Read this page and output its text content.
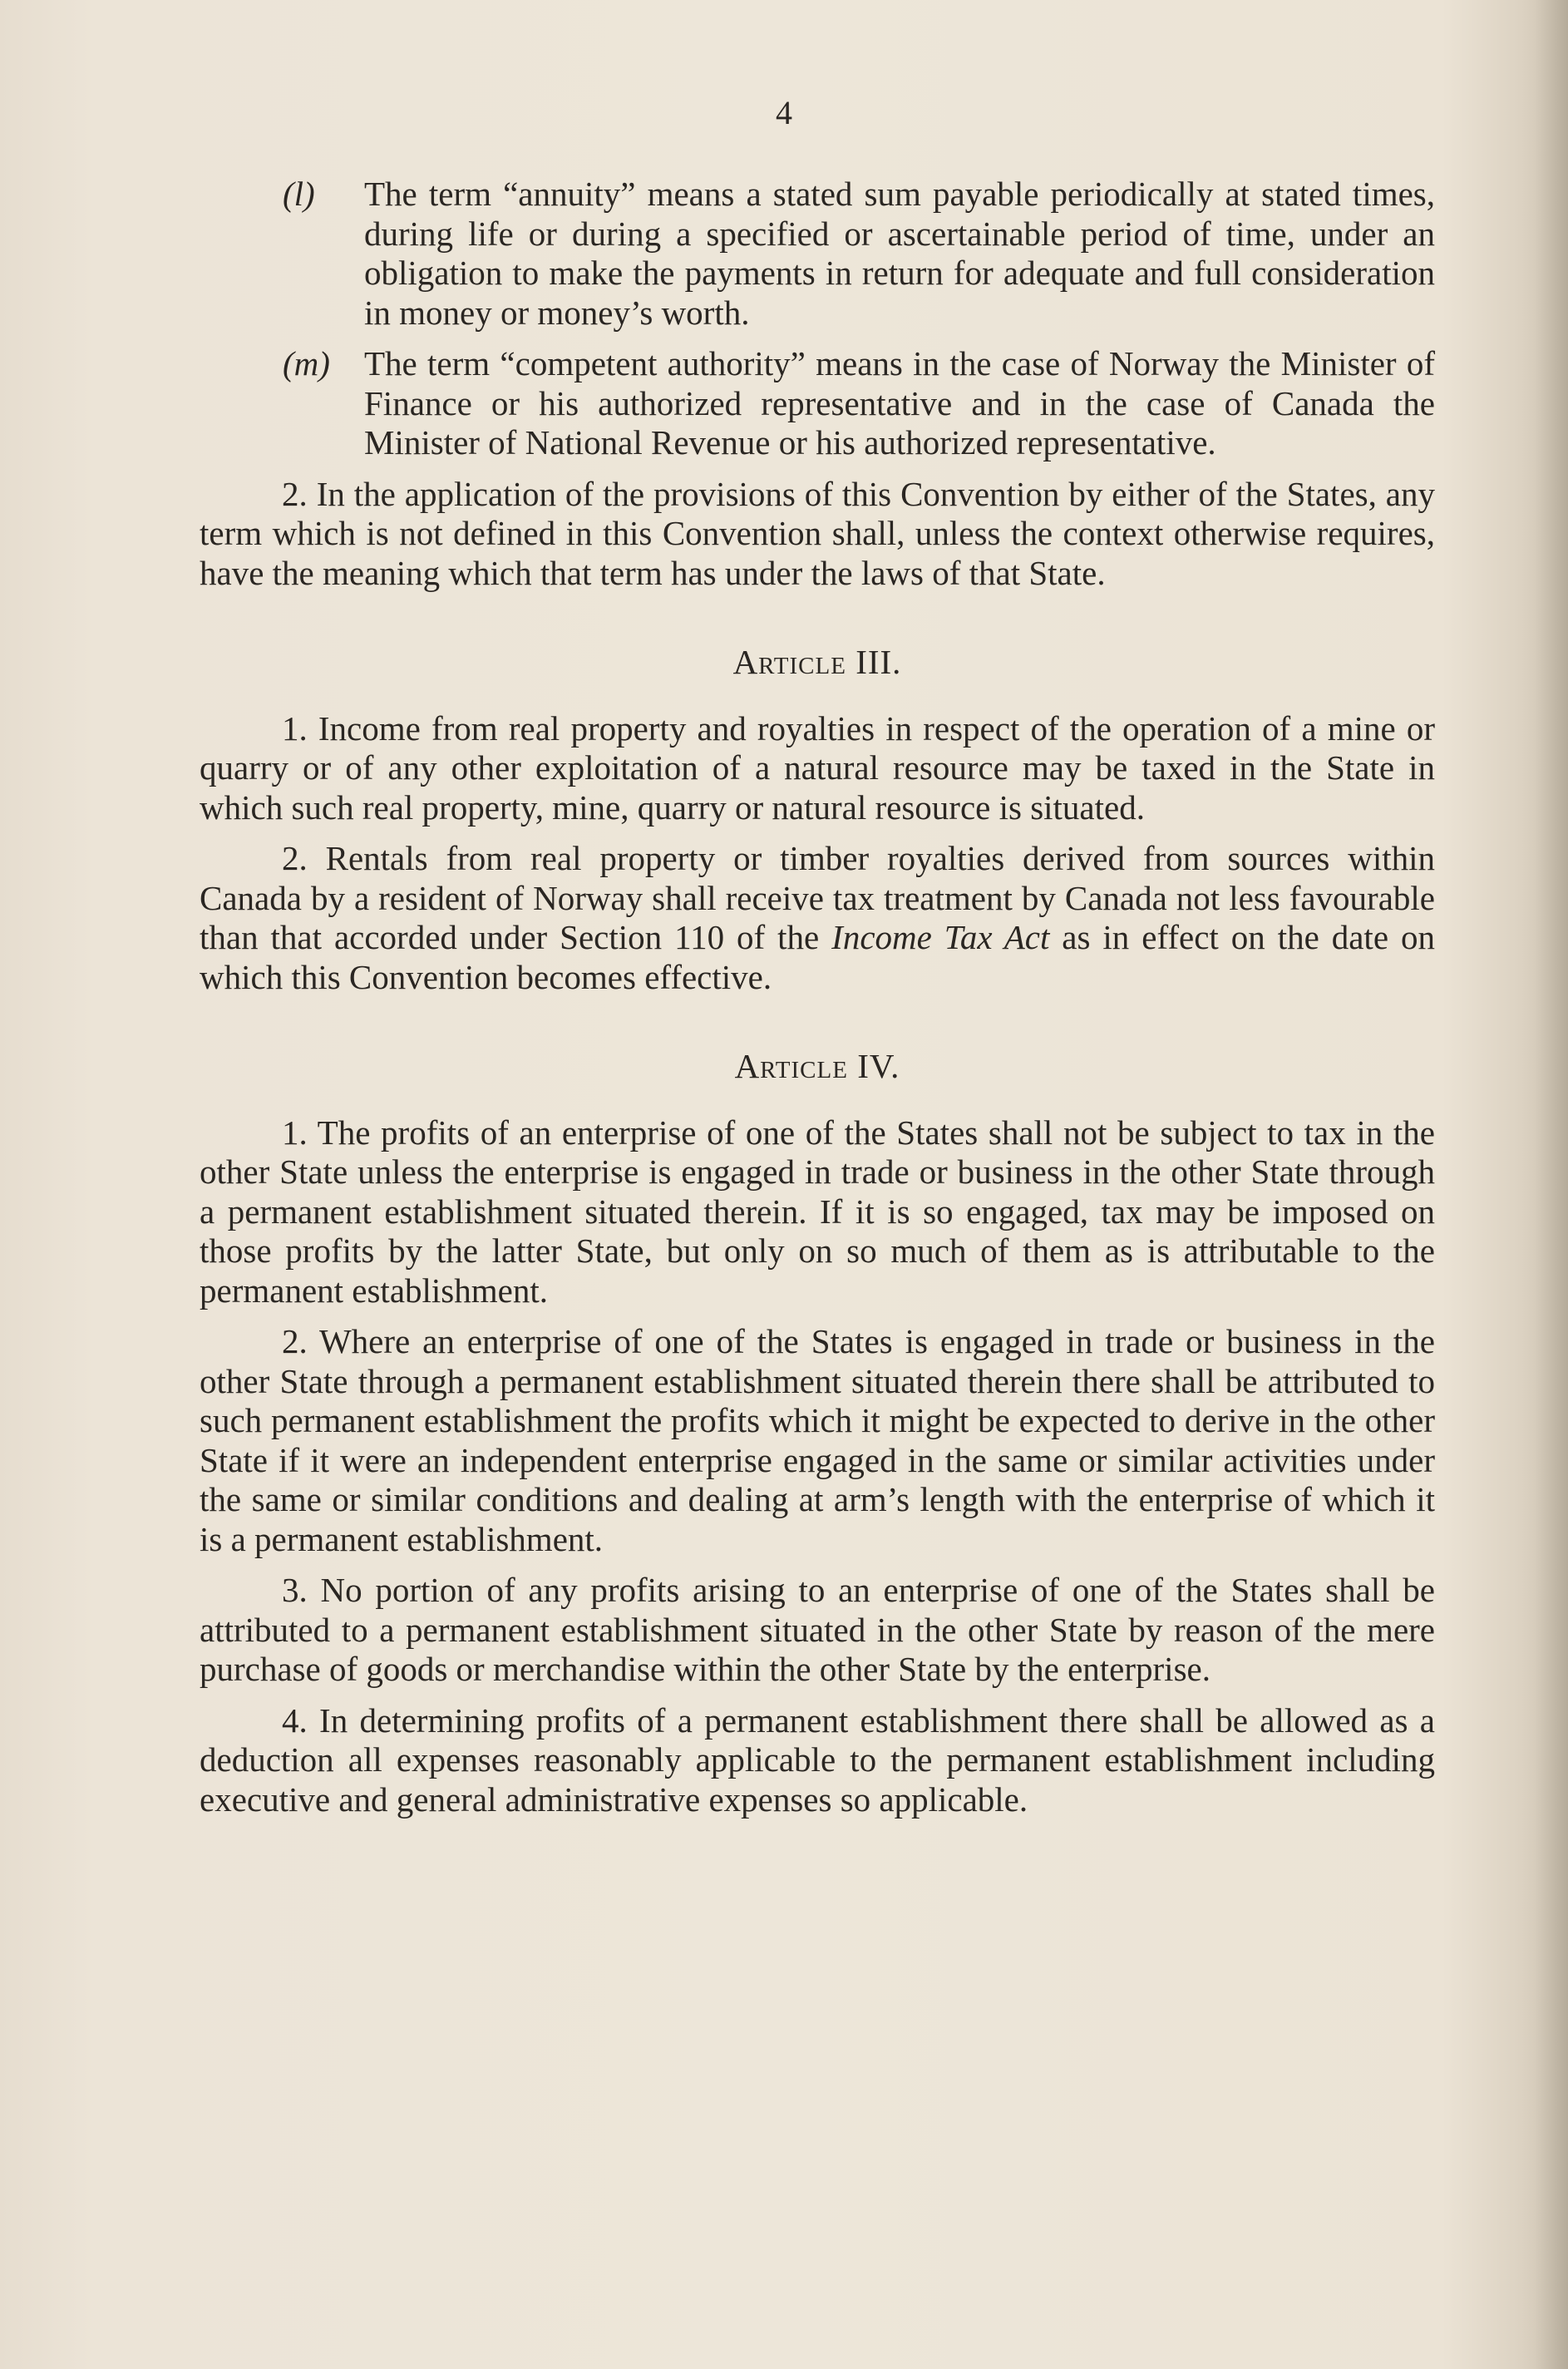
4
(l)	The term “annuity” means a stated sum payable periodically at stated times, during life or during a specified or ascertainable period of time, under an obligation to make the payments in return for adequate and full consideration in money or money’s worth.
(m)	The term “competent authority” means in the case of Norway the Minister of Finance or his authorized representative and in the case of Canada the Minister of National Revenue or his authorized representative.

2. In the application of the provisions of this Convention by either of the States, any term which is not defined in this Convention shall, unless the context otherwise requires, have the meaning which that term has under the laws of that State.

Article III.

1. Income from real property and royalties in respect of the operation of a mine or quarry or of any other exploitation of a natural resource may be taxed in the State in which such real property, mine, quarry or natural resource is situated.

2. Rentals from real property or timber royalties derived from sources within Canada by a resident of Norway shall receive tax treatment by Canada not less favourable than that accorded under Section 110 of the Income Tax Act as in effect on the date on which this Convention becomes effective.

Article IV.

1. The profits of an enterprise of one of the States shall not be subject to tax in the other State unless the enterprise is engaged in trade or business in the other State through a permanent establishment situated therein. If it is so engaged, tax may be imposed on those profits by the latter State, but only on so much of them as is attributable to the permanent establishment.

2. Where an enterprise of one of the States is engaged in trade or business in the other State through a permanent establishment situated therein there shall be attributed to such permanent establishment the profits which it might be expected to derive in the other State if it were an independent enterprise engaged in the same or similar activities under the same or similar conditions and dealing at arm’s length with the enterprise of which it is a permanent establishment.

3. No portion of any profits arising to an enterprise of one of the States shall be attributed to a permanent establishment situated in the other State by reason of the mere purchase of goods or merchandise within the other State by the enterprise.

4. In determining profits of a permanent establishment there shall be allowed as a deduction all expenses reasonably applicable to the permanent establishment including executive and general administrative expenses so applicable.
